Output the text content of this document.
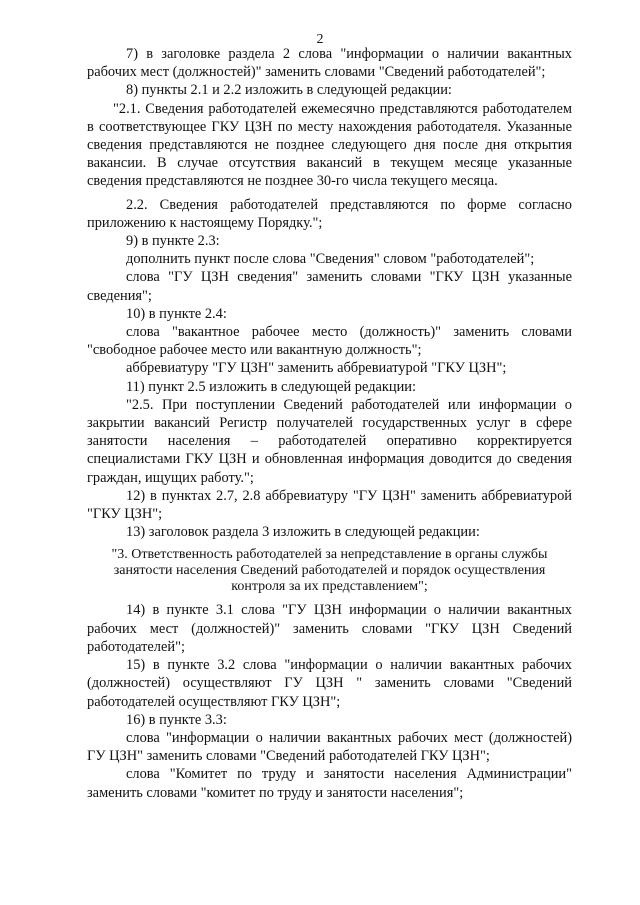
2

7) в заголовке раздела 2 слова "информации о наличии вакантных рабочих мест (должностей)" заменить словами "Сведений работодателей";

8) пункты 2.1 и 2.2 изложить в следующей редакции:

"2.1. Сведения работодателей ежемесячно представляются работодателем в соответствующее ГКУ ЦЗН по месту нахождения работодателя. Указанные сведения представляются не позднее следующего дня после дня открытия вакансии. В случае отсутствия вакансий в текущем месяце указанные сведения представляются не позднее 30-го числа текущего месяца.

2.2. Сведения работодателей представляются по форме согласно приложению к настоящему Порядку.";

9) в пункте 2.3:

дополнить пункт после слова "Сведения" словом "работодателей";

слова "ГУ ЦЗН сведения" заменить словами "ГКУ ЦЗН указанные сведения";

10) в пункте 2.4:

слова "вакантное рабочее место (должность)" заменить словами "свободное рабочее место или вакантную должность";

аббревиатуру "ГУ ЦЗН" заменить аббревиатурой "ГКУ ЦЗН";

11) пункт 2.5 изложить в следующей редакции:

"2.5. При поступлении Сведений работодателей или информации о закрытии вакансий Регистр получателей государственных услуг в сфере занятости населения – работодателей оперативно корректируется специалистами ГКУ ЦЗН и обновленная информация доводится до сведения граждан, ищущих работу.";

12) в пунктах 2.7, 2.8 аббревиатуру "ГУ ЦЗН" заменить аббревиатурой "ГКУ ЦЗН";

13) заголовок раздела 3 изложить в следующей редакции:

"3. Ответственность работодателей за непредставление в органы службы занятости населения Сведений работодателей и порядок осуществления контроля за их представлением";

14) в пункте 3.1 слова "ГУ ЦЗН информации о наличии вакантных рабочих мест (должностей)" заменить словами "ГКУ ЦЗН Сведений работодателей";

15) в пункте 3.2 слова "информации о наличии вакантных рабочих (должностей) осуществляют ГУ ЦЗН " заменить словами "Сведений работодателей осуществляют ГКУ ЦЗН";

16) в пункте 3.3:

слова "информации о наличии вакантных рабочих мест (должностей) ГУ ЦЗН" заменить словами "Сведений работодателей ГКУ ЦЗН";

слова "Комитет по труду и занятости населения Администрации" заменить словами "комитет по труду и занятости населения";
